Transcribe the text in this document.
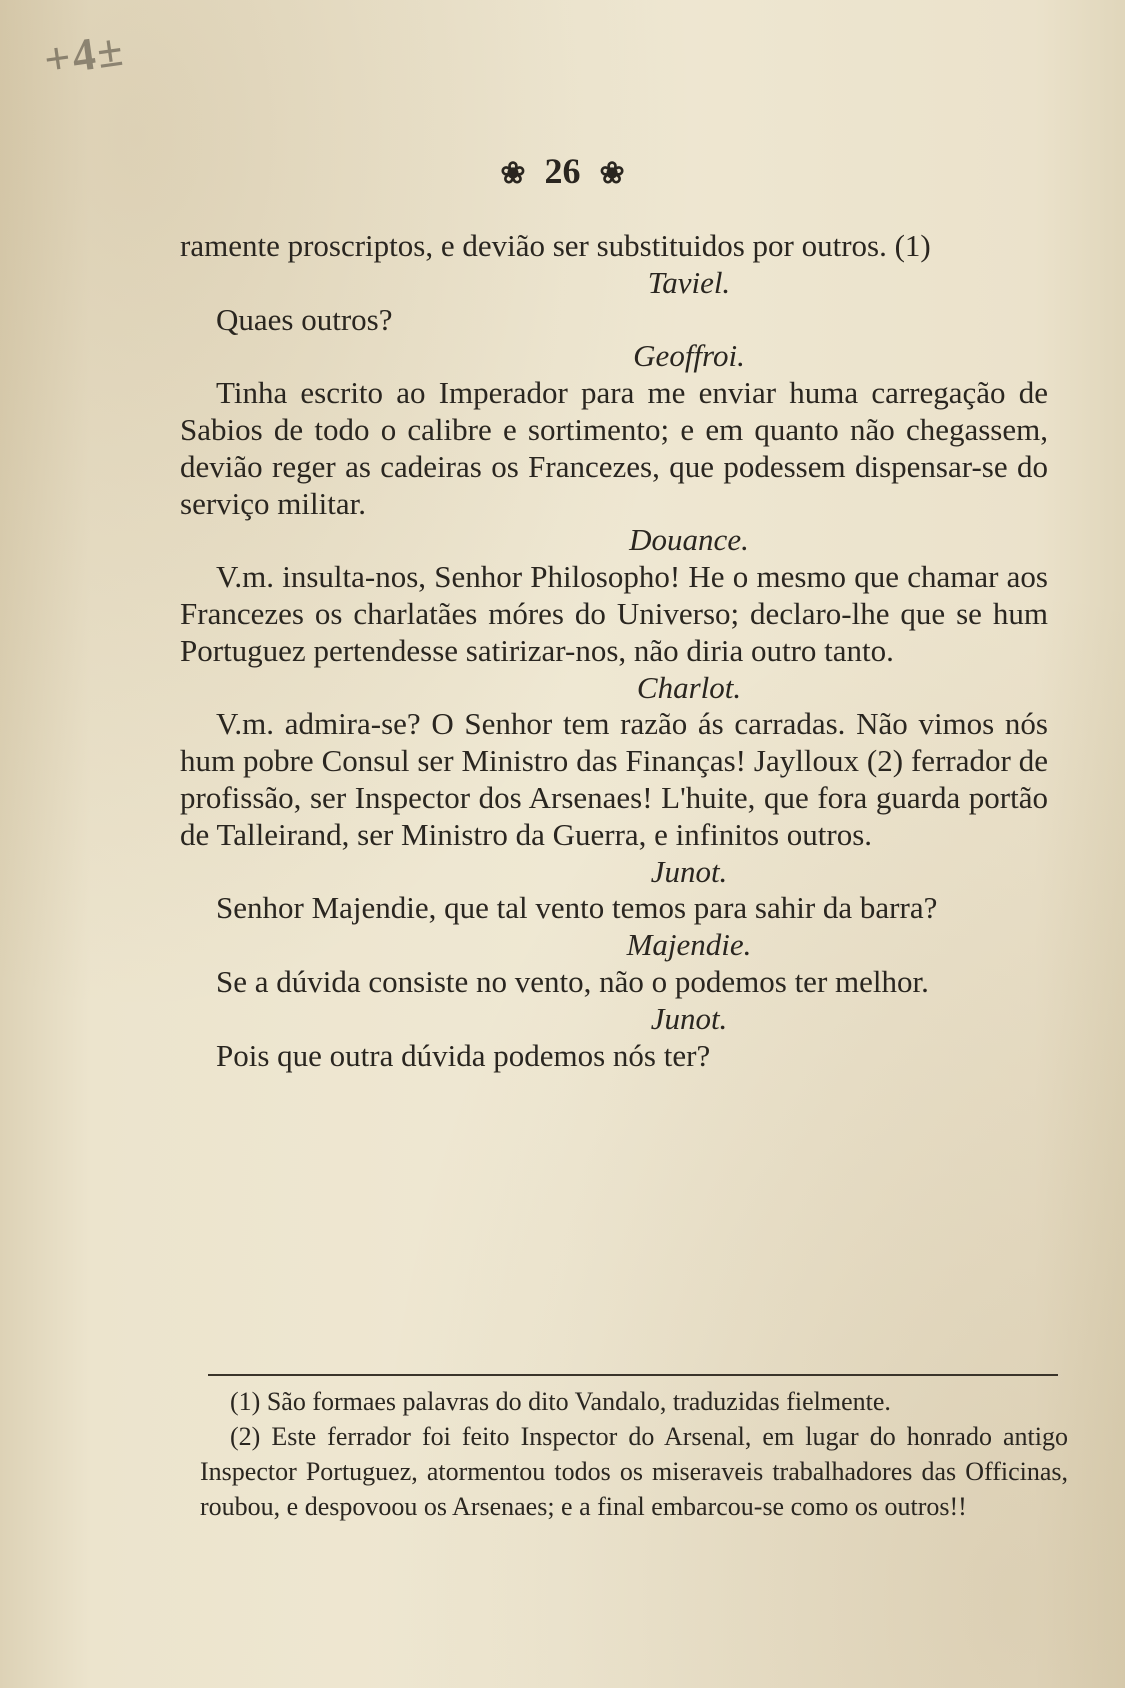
+4±
❀ 26 ❀

ramente proscriptos, e devião ser substituidos por outros. (1)

Taviel.

Quaes outros?

Geoffroi.

Tinha escrito ao Imperador para me enviar huma carregação de Sabios de todo o calibre e sortimento; e em quanto não chegassem, devião reger as cadeiras os Francezes, que podessem dispensar-se do serviço militar.

Douance.

V.m. insulta-nos, Senhor Philosopho! He o mesmo que chamar aos Francezes os charlatães móres do Universo; declaro-lhe que se hum Portuguez pertendesse satirizar-nos, não diria outro tanto.

Charlot.

V.m. admira-se? O Senhor tem razão ás carradas. Não vimos nós hum pobre Consul ser Ministro das Finanças! Jaylloux (2) ferrador de profissão, ser Inspector dos Arsenaes! L'huite, que fora guarda portão de Talleirand, ser Ministro da Guerra, e infinitos outros.

Junot.

Senhor Majendie, que tal vento temos para sahir da barra?

Majendie.

Se a dúvida consiste no vento, não o podemos ter melhor.

Junot.

Pois que outra dúvida podemos nós ter?

(1) São formaes palavras do dito Vandalo, traduzidas fielmente.

(2) Este ferrador foi feito Inspector do Arsenal, em lugar do honrado antigo Inspector Portuguez, atormentou todos os miseraveis trabalhadores das Officinas, roubou, e despovoou os Arsenaes; e a final embarcou-se como os outros!!
